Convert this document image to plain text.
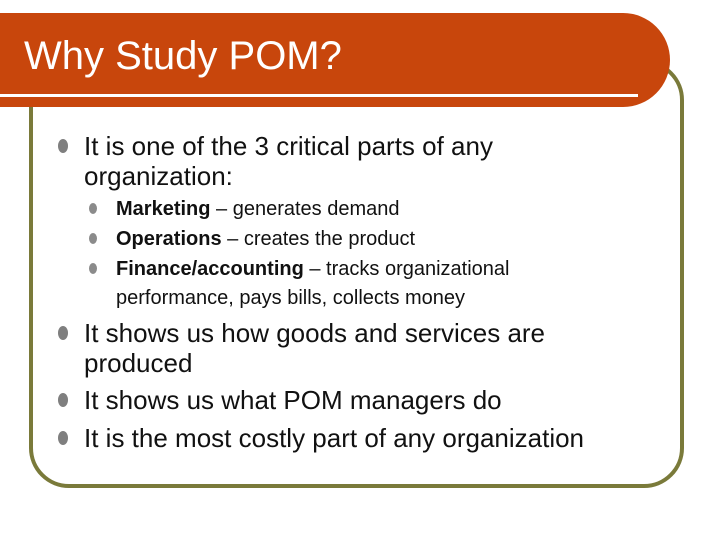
Why Study POM?

It is one of the 3 critical parts of any

organization:

Marketing – generates demand

Operations – creates the product

Finance/accounting – tracks organizational

performance, pays bills, collects money

It shows us how goods and services are

produced

It shows us what POM managers do

It is the most costly part of any organization
